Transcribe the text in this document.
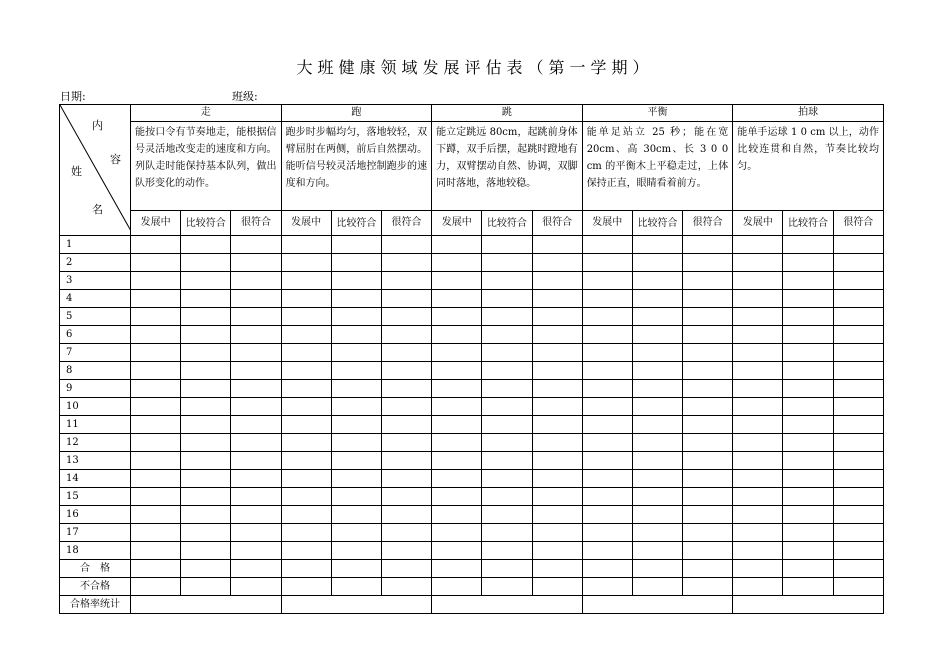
大班健康领域发展评估表（第一学期）
日期:	班级:
内
容
姓
名	走			跑			跳			平衡			拍球		
	能按口令有节奏地走，能根据信号灵活地改变走的速度和方向。列队走时能保持基本队列，做出队形变化的动作。			跑步时步幅均匀，落地较轻，双臂屈肘在两侧，前后自然摆动。能听信号较灵活地控制跑步的速度和方向。			能立定跳远 80cm，起跳前身体下蹲，双手后摆，起跳时蹬地有力，双臂摆动自然、协调，双脚同时落地，落地较稳。			能单足站立 25 秒；能在宽 20cm、高 30cm、长 3 0 0 cm 的平衡木上平稳走过，上体保持正直，眼睛看着前方。			能单手运球 1 0 cm 以上，动作比较连贯和自然，节奏比较均匀。		
	发展中	比较符合	很符合	发展中	比较符合	很符合	发展中	比较符合	很符合	发展中	比较符合	很符合	发展中	比较符合	很符合
1															
2															
3															
4															
5															
6															
7															
8															
9															
10															
11															
12															
13															
14															
15															
16															
17															
18															
合　格															
不合格															
合格率统计															
